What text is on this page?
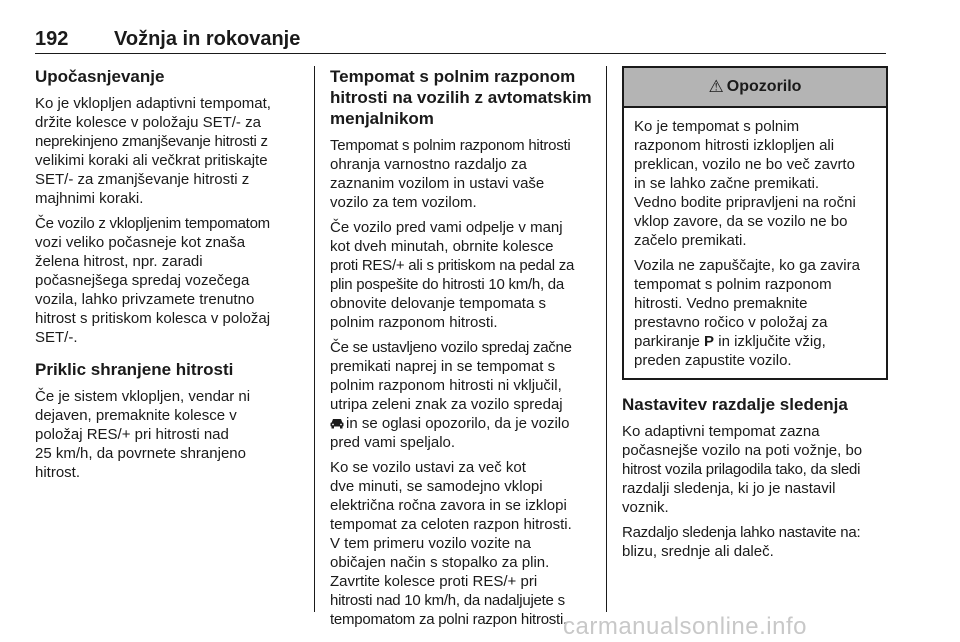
192 Vožnja in rokovanje
Upočasnjevanje

Ko je vklopljen adaptivni tempomat,
držite kolesce v položaju SET/- za
neprekinjeno zmanjševanje hitrosti z
velikimi koraki ali večkrat pritiskajte
SET/- za zmanjševanje hitrosti z
majhnimi koraki.

Če vozilo z vklopljenim tempomatom
vozi veliko počasneje kot znaša
želena hitrost, npr. zaradi
počasnejšega spredaj vozečega
vozila, lahko privzamete trenutno
hitrost s pritiskom kolesca v položaj
SET/-.

Priklic shranjene hitrosti

Če je sistem vklopljen, vendar ni
dejaven, premaknite kolesce v
položaj RES/+ pri hitrosti nad
25 km/h, da povrnete shranjeno
hitrost.

Tempomat s polnim razponom
hitrosti na vozilih z avtomatskim
menjalnikom

Tempomat s polnim razponom hitrosti
ohranja varnostno razdaljo za
zaznanim vozilom in ustavi vaše
vozilo za tem vozilom.

Če vozilo pred vami odpelje v manj
kot dveh minutah, obrnite kolesce
proti RES/+ ali s pritiskom na pedal za
plin pospešite do hitrosti 10 km/h, da
obnovite delovanje tempomata s
polnim razponom hitrosti.

Če se ustavljeno vozilo spredaj začne
premikati naprej in se tempomat s
polnim razponom hitrosti ni vključil,
utripa zeleni znak za vozilo spredaj
in se oglasi opozorilo, da je vozilo
pred vami speljalo.

Ko se vozilo ustavi za več kot
dve minuti, se samodejno vklopi
električna ročna zavora in se izklopi
tempomat za celoten razpon hitrosti.
V tem primeru vozilo vozite na
običajen način s stopalko za plin.
Zavrtite kolesce proti RES/+ pri
hitrosti nad 10 km/h, da nadaljujete s
tempomatom za polni razpon hitrosti.

⚠ Opozorilo

Ko je tempomat s polnim
razponom hitrosti izklopljen ali
preklican, vozilo ne bo več zavrto
in se lahko začne premikati.
Vedno bodite pripravljeni na ročni
vklop zavore, da se vozilo ne bo
začelo premikati.

Vozila ne zapuščajte, ko ga zavira
tempomat s polnim razponom
hitrosti. Vedno premaknite
prestavno ročico v položaj za
parkiranje P in izključite vžig,
preden zapustite vozilo.

Nastavitev razdalje sledenja

Ko adaptivni tempomat zazna
počasnejše vozilo na poti vožnje, bo
hitrost vozila prilagodila tako, da sledi
razdalji sledenja, ki jo je nastavil
voznik.

Razdaljo sledenja lahko nastavite na:
blizu, srednje ali daleč.

carmanualsonline.info
